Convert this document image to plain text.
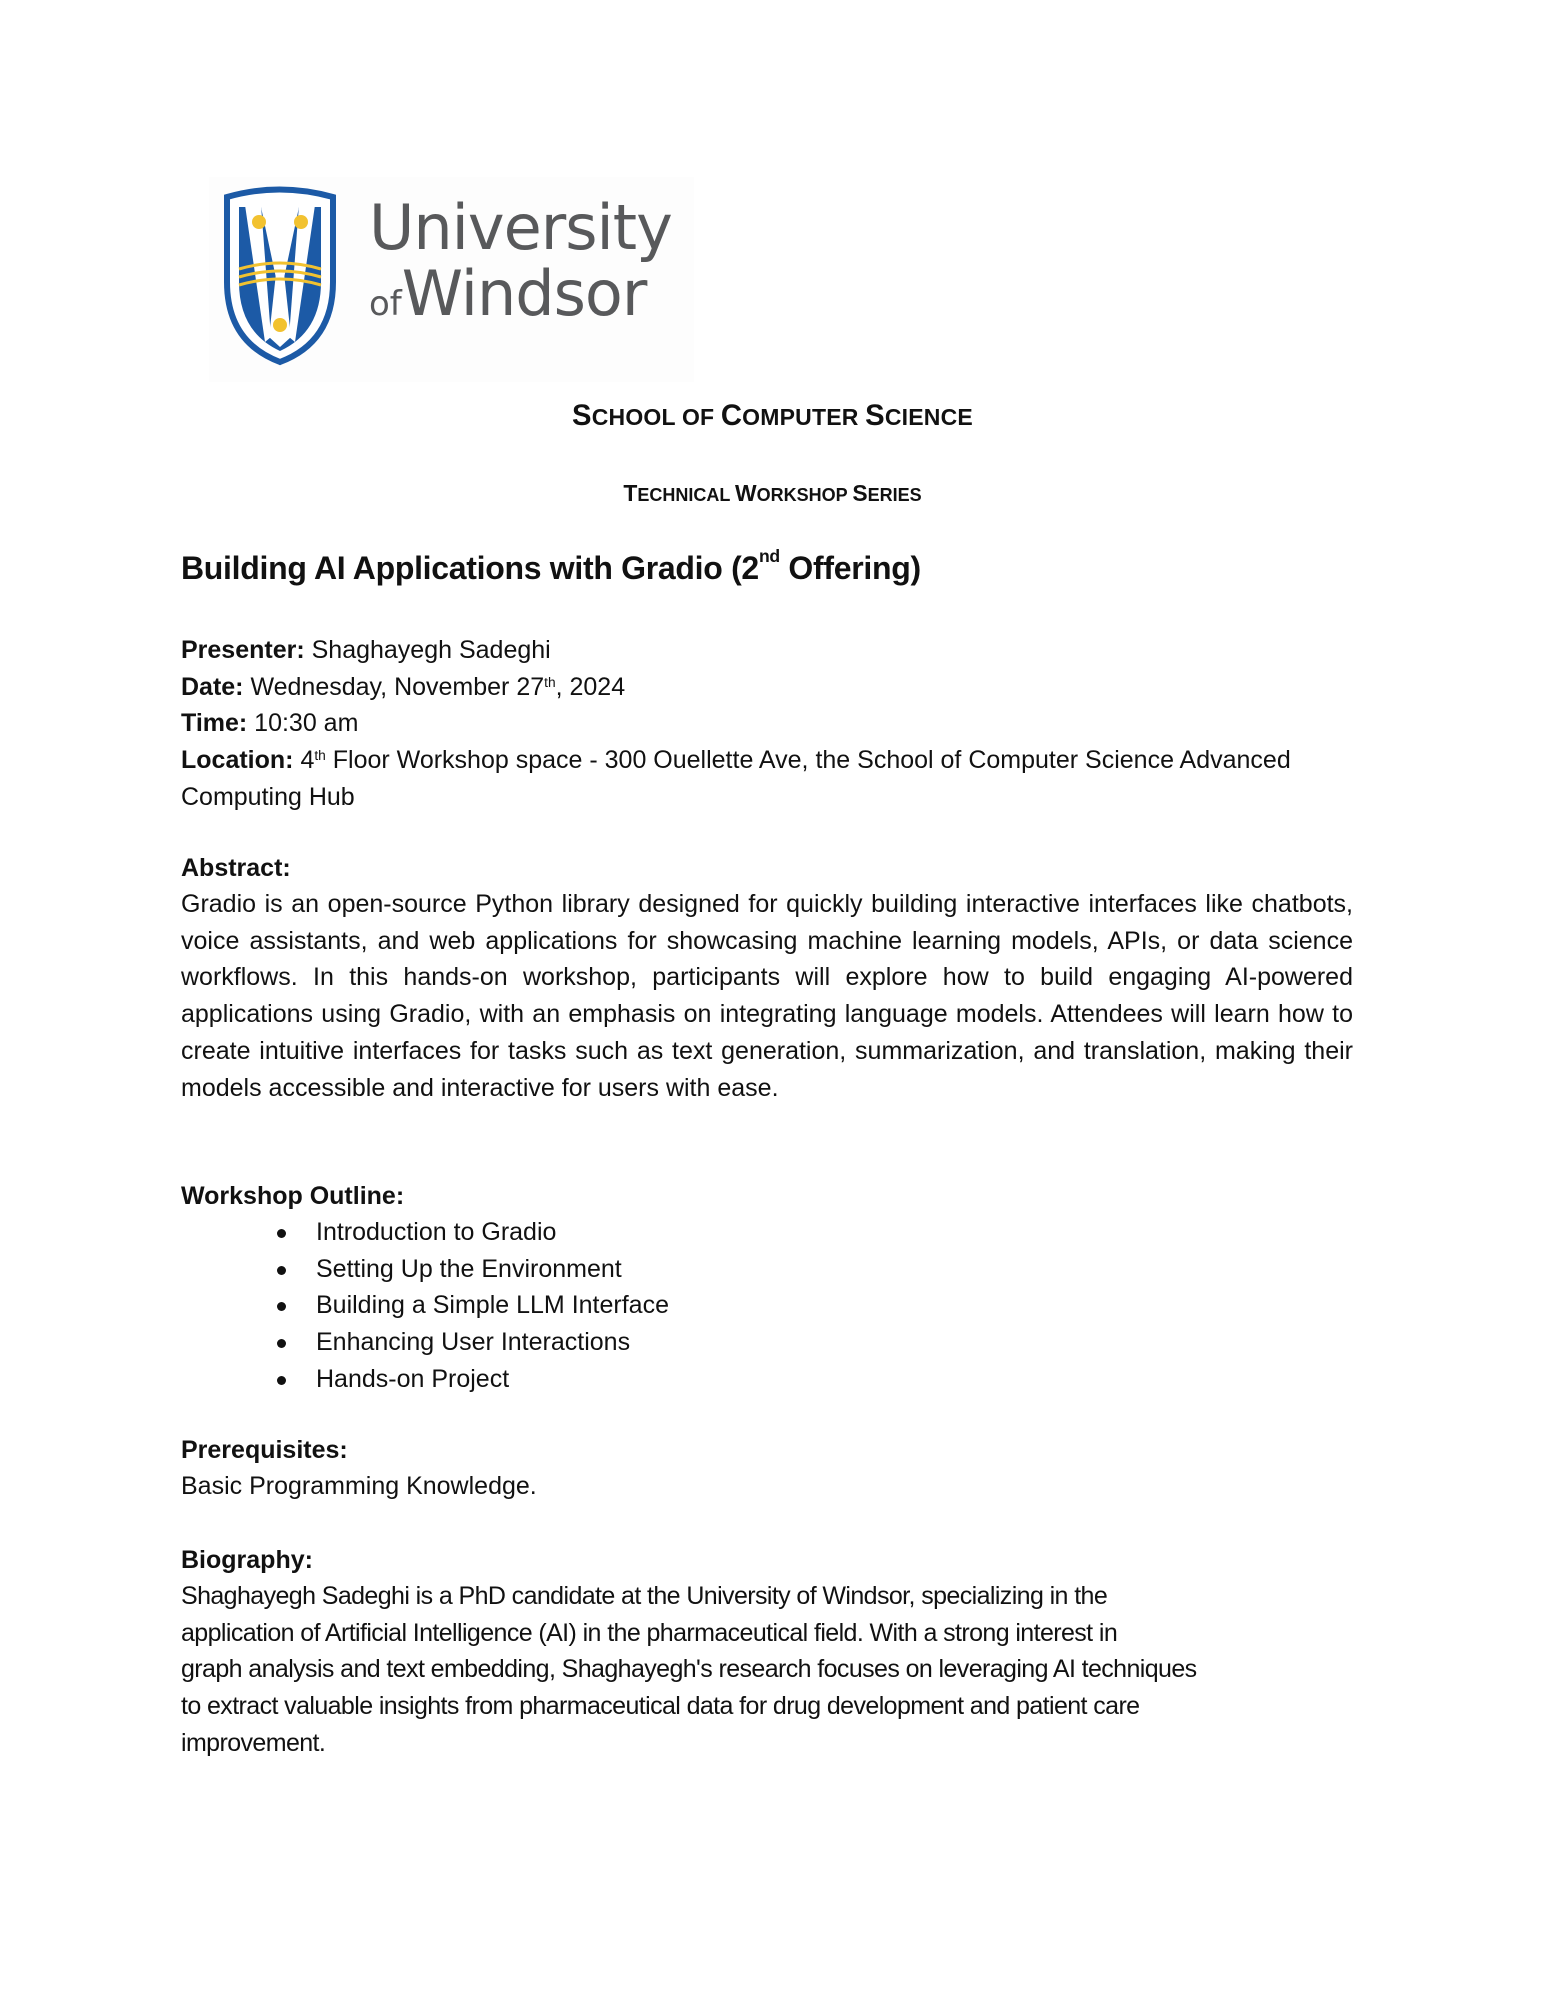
University
ofWindsor
SCHOOL OF COMPUTER SCIENCE
TECHNICAL WORKSHOP SERIES
Building AI Applications with Gradio (2nd Offering)
Presenter: Shaghayegh Sadeghi
Date: Wednesday, November 27th, 2024
Time: 10:30 am
Location: 4th Floor Workshop space - 300 Ouellette Ave, the School of Computer Science Advanced
Computing Hub
Abstract:
Gradio is an open-source Python library designed for quickly building interactive interfaces like chatbots, voice assistants, and web applications for showcasing machine learning models, APIs, or data science workflows. In this hands-on workshop, participants will explore how to build engaging AI-powered applications using Gradio, with an emphasis on integrating language models. Attendees will learn how to create intuitive interfaces for tasks such as text generation, summarization, and translation, making their models accessible and interactive for users with ease.
Workshop Outline:
Introduction to Gradio
Setting Up the Environment
Building a Simple LLM Interface
Enhancing User Interactions
Hands-on Project
Prerequisites:
Basic Programming Knowledge.
Biography:
Shaghayegh Sadeghi is a PhD candidate at the University of Windsor, specializing in the
application of Artificial Intelligence (AI) in the pharmaceutical field. With a strong interest in
graph analysis and text embedding, Shaghayegh's research focuses on leveraging AI techniques
to extract valuable insights from pharmaceutical data for drug development and patient care
improvement.
